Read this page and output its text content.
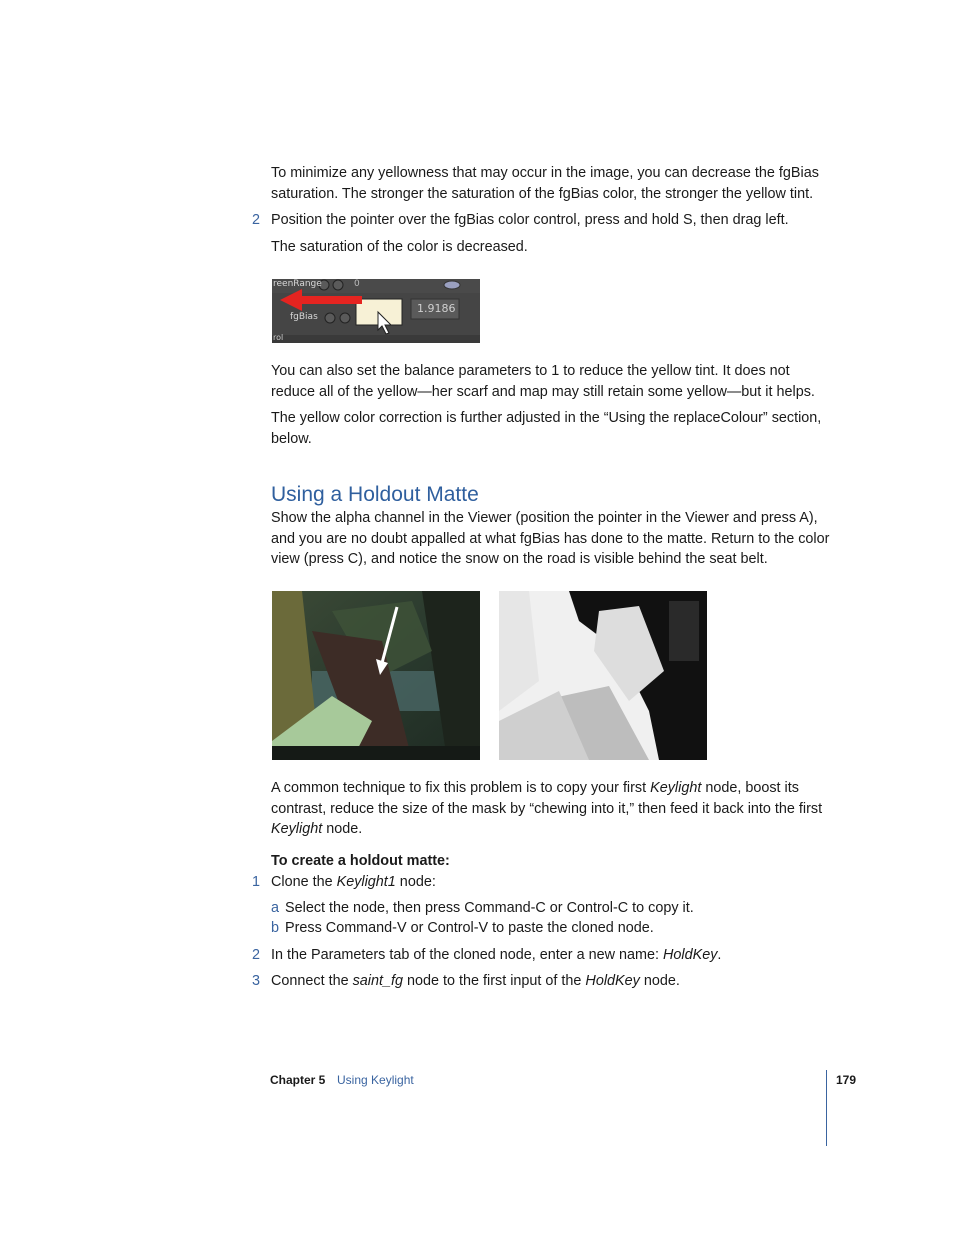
To minimize any yellowness that may occur in the image, you can decrease the fgBias saturation. The stronger the saturation of the fgBias color, the stronger the yellow tint.

2 Position the pointer over the fgBias color control, press and hold S, then drag left.

The saturation of the color is decreased.

reenRange	0
fgBias
1.9186
rol

You can also set the balance parameters to 1 to reduce the yellow tint. It does not reduce all of the yellow—her scarf and map may still retain some yellow—but it helps.

The yellow color correction is further adjusted in the “Using the replaceColour” section, below.

Using a Holdout Matte

Show the alpha channel in the Viewer (position the pointer in the Viewer and press A), and you are no doubt appalled at what fgBias has done to the matte. Return to the color view (press C), and notice the snow on the road is visible behind the seat belt.

A common technique to fix this problem is to copy your first Keylight node, boost its contrast, reduce the size of the mask by “chewing into it,” then feed it back into the first Keylight node.

To create a holdout matte:

1 Clone the Keylight1 node:

a Select the node, then press Command-C or Control-C to copy it.
b Press Command-V or Control-V to paste the cloned node.
2 In the Parameters tab of the cloned node, enter a new name: HoldKey.

3 Connect the saint_fg node to the first input of the HoldKey node.

Chapter 5 Using Keylight	179
